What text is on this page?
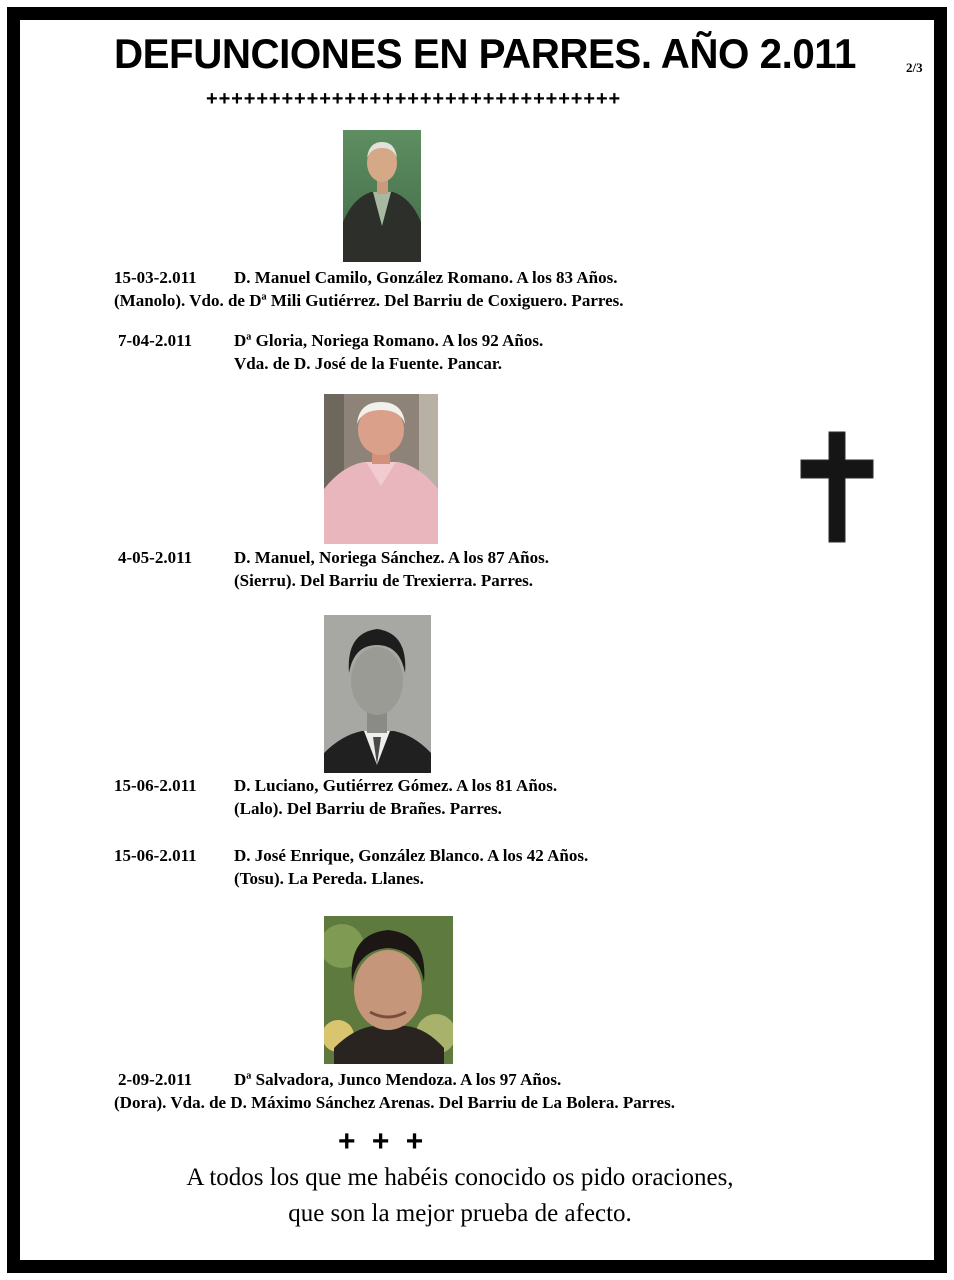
DEFUNCIONES EN PARRES. AÑO 2.011	2/3
+++++++++++++++++++++++++++++++++
15-03-2.011 D. Manuel Camilo, González Romano. A los 83 Años.
(Manolo). Vdo. de Dª Mili Gutiérrez. Del Barriu de Coxiguero. Parres.
7-04-2.011 Dª Gloria, Noriega Romano. A los 92 Años.
Vda. de D. José de la Fuente. Pancar.
4-05-2.011 D. Manuel, Noriega Sánchez. A los 87 Años.
(Sierru). Del Barriu de Trexierra. Parres.
15-06-2.011 D. Luciano, Gutiérrez Gómez. A los 81 Años.
(Lalo). Del Barriu de Brañes. Parres.
15-06-2.011 D. José Enrique, González Blanco. A los 42 Años.
(Tosu). La Pereda. Llanes.
2-09-2.011 Dª Salvadora, Junco Mendoza. A los 97 Años.
(Dora). Vda. de D. Máximo Sánchez Arenas. Del Barriu de La Bolera. Parres.
+ + +
A todos los que me habéis conocido os pido oraciones,
que son la mejor prueba de afecto.
